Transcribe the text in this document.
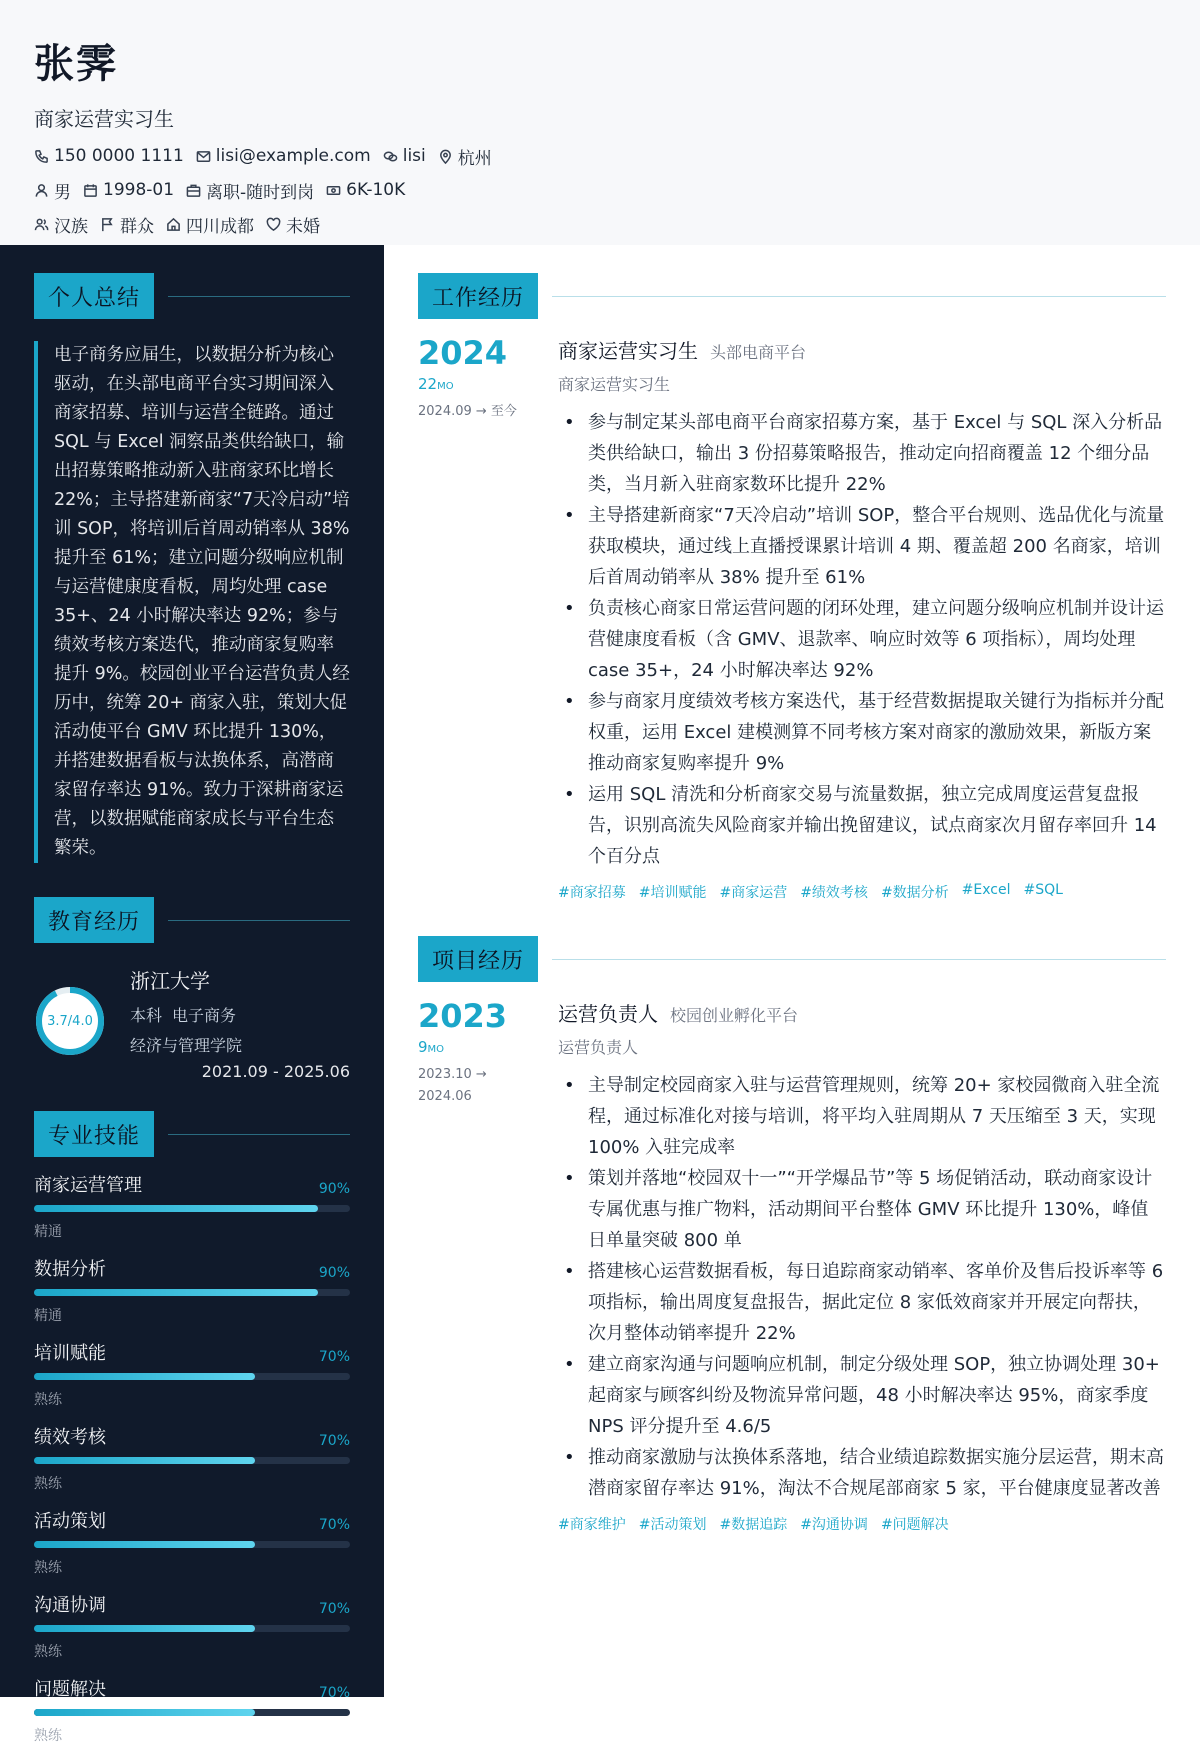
张霁
商家运营实习生
150 0000 1111 lisi@example.com lisi 杭州
男 1998-01 离职-随时到岗 6K-10K
汉族 群众 四川成都 未婚
个人总结
电子商务应届生，以数据分析为核心驱动，在头部电商平台实习期间深入商家招募、培训与运营全链路。通过 SQL 与 Excel 洞察品类供给缺口，输出招募策略推动新入驻商家环比增长 22%；主导搭建新商家“7天冷启动”培训 SOP，将培训后首周动销率从 38% 提升至 61%；建立问题分级响应机制与运营健康度看板，周均处理 case 35+、24 小时解决率达 92%；参与绩效考核方案迭代，推动商家复购率提升 9%。校园创业平台运营负责人经历中，统筹 20+ 商家入驻，策划大促活动使平台 GMV 环比提升 130%，并搭建数据看板与汰换体系，高潜商家留存率达 91%。致力于深耕商家运营，以数据赋能商家成长与平台生态繁荣。
教育经历
3.7/4.0
浙江大学
本科 电子商务
经济与管理学院
2021.09 - 2025.06
专业技能
商家运营管理	90%
精通
数据分析	90%
精通
培训赋能	70%
熟练
绩效考核	70%
熟练
活动策划	70%
熟练
沟通协调	70%
熟练
问题解决	70%
熟练
工作经历
2024
22MO
2024.09 → 至今
商家运营实习生 头部电商平台
商家运营实习生
• 参与制定某头部电商平台商家招募方案，基于 Excel 与 SQL 深入分析品类供给缺口，输出 3 份招募策略报告，推动定向招商覆盖 12 个细分品类，当月新入驻商家数环比提升 22%
• 主导搭建新商家“7天冷启动”培训 SOP，整合平台规则、选品优化与流量获取模块，通过线上直播授课累计培训 4 期、覆盖超 200 名商家，培训后首周动销率从 38% 提升至 61%
• 负责核心商家日常运营问题的闭环处理，建立问题分级响应机制并设计运营健康度看板（含 GMV、退款率、响应时效等 6 项指标），周均处理 case 35+，24 小时解决率达 92%
• 参与商家月度绩效考核方案迭代，基于经营数据提取关键行为指标并分配权重，运用 Excel 建模测算不同考核方案对商家的激励效果，新版方案推动商家复购率提升 9%
• 运用 SQL 清洗和分析商家交易与流量数据，独立完成周度运营复盘报告，识别高流失风险商家并输出挽留建议，试点商家次月留存率回升 14 个百分点
#商家招募 #培训赋能 #商家运营 #绩效考核 #数据分析 #Excel #SQL
项目经历
2023
9MO
2023.10 →
2024.06
运营负责人 校园创业孵化平台
运营负责人
• 主导制定校园商家入驻与运营管理规则，统筹 20+ 家校园微商入驻全流程，通过标准化对接与培训，将平均入驻周期从 7 天压缩至 3 天，实现 100% 入驻完成率
• 策划并落地“校园双十一”“开学爆品节”等 5 场促销活动，联动商家设计专属优惠与推广物料，活动期间平台整体 GMV 环比提升 130%，峰值日单量突破 800 单
• 搭建核心运营数据看板，每日追踪商家动销率、客单价及售后投诉率等 6 项指标，输出周度复盘报告，据此定位 8 家低效商家并开展定向帮扶，次月整体动销率提升 22%
• 建立商家沟通与问题响应机制，制定分级处理 SOP，独立协调处理 30+ 起商家与顾客纠纷及物流异常问题，48 小时解决率达 95%，商家季度 NPS 评分提升至 4.6/5
• 推动商家激励与汰换体系落地，结合业绩追踪数据实施分层运营，期末高潜商家留存率达 91%，淘汰不合规尾部商家 5 家，平台健康度显著改善
#商家维护 #活动策划 #数据追踪 #沟通协调 #问题解决
